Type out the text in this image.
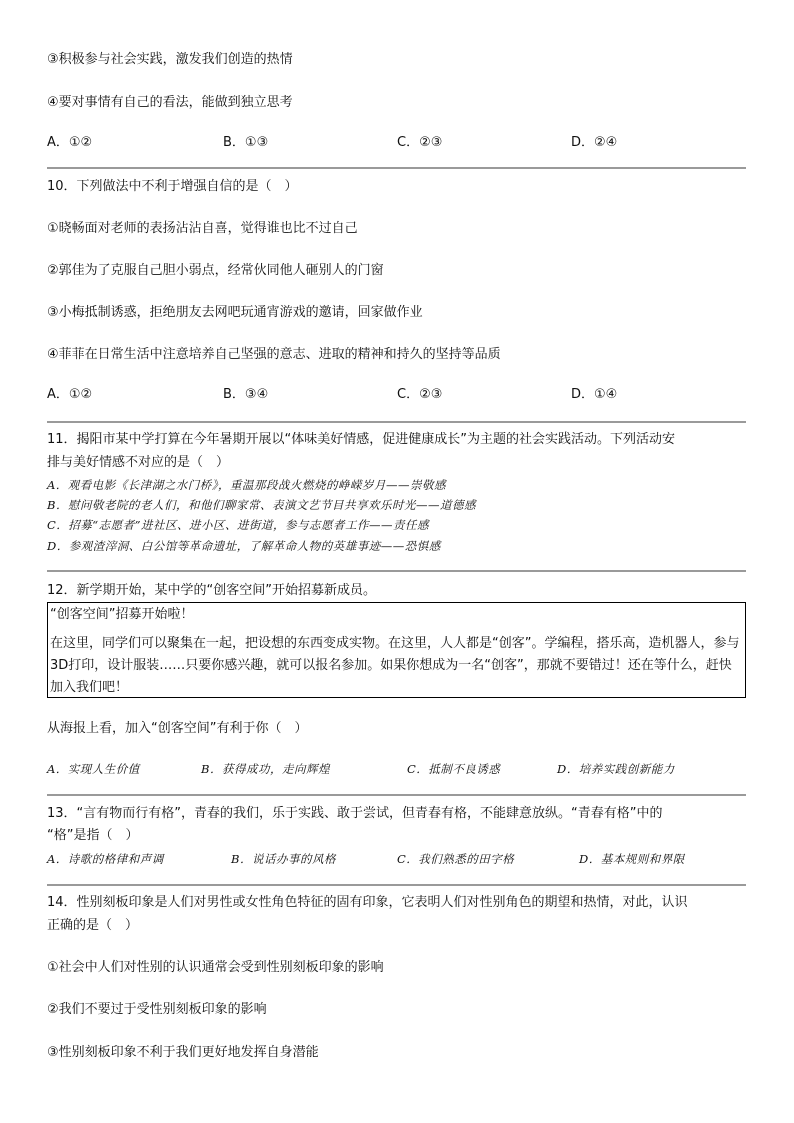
③积极参与社会实践，激发我们创造的热情
④要对事情有自己的看法，能做到独立思考
A．①②	B．①③	C．②③	D．②④
10．下列做法中不利于增强自信的是（　）
①晓畅面对老师的表扬沾沾自喜，觉得谁也比不过自己
②郭佳为了克服自己胆小弱点，经常伙同他人砸别人的门窗
③小梅抵制诱惑，拒绝朋友去网吧玩通宵游戏的邀请，回家做作业
④菲菲在日常生活中注意培养自己坚强的意志、进取的精神和持久的坚持等品质
A．①②	B．③④	C．②③	D．①④
11．揭阳市某中学打算在今年暑期开展以“体味美好情感，促进健康成长”为主题的社会实践活动。下列活动安
排与美好情感不对应的是（　）
A．观看电影《长津湖之水门桥》，重温那段战火燃烧的峥嵘岁月——崇敬感
B．慰问敬老院的老人们，和他们聊家常、表演文艺节目共享欢乐时光——道德感
C．招募“志愿者”进社区、进小区、进街道，参与志愿者工作——责任感
D．参观渣滓洞、白公馆等革命遗址，了解革命人物的英雄事迹——恐惧感
12．新学期开始，某中学的“创客空间”开始招募新成员。
“创客空间”招募开始啦！
在这里，同学们可以聚集在一起，把设想的东西变成实物。在这里，人人都是“创客”。学编程，搭乐高，造机器人，参与3D打印，设计服装……只要你感兴趣，就可以报名参加。如果你想成为一名“创客”，那就不要错过！还在等什么，赶快加入我们吧！
从海报上看，加入“创客空间”有利于你（　）
A．实现人生价值	B．获得成功，走向辉煌	C．抵制不良诱惑	D．培养实践创新能力
13．“言有物而行有格”，青春的我们，乐于实践、敢于尝试，但青春有格，不能肆意放纵。“青春有格”中的
“格”是指（　）
A．诗歌的格律和声调	B．说话办事的风格	C．我们熟悉的田字格	D．基本规则和界限
14．性别刻板印象是人们对男性或女性角色特征的固有印象，它表明人们对性别角色的期望和热情，对此，认识
正确的是（　）
①社会中人们对性别的认识通常会受到性别刻板印象的影响
②我们不要过于受性别刻板印象的影响
③性别刻板印象不利于我们更好地发挥自身潜能
